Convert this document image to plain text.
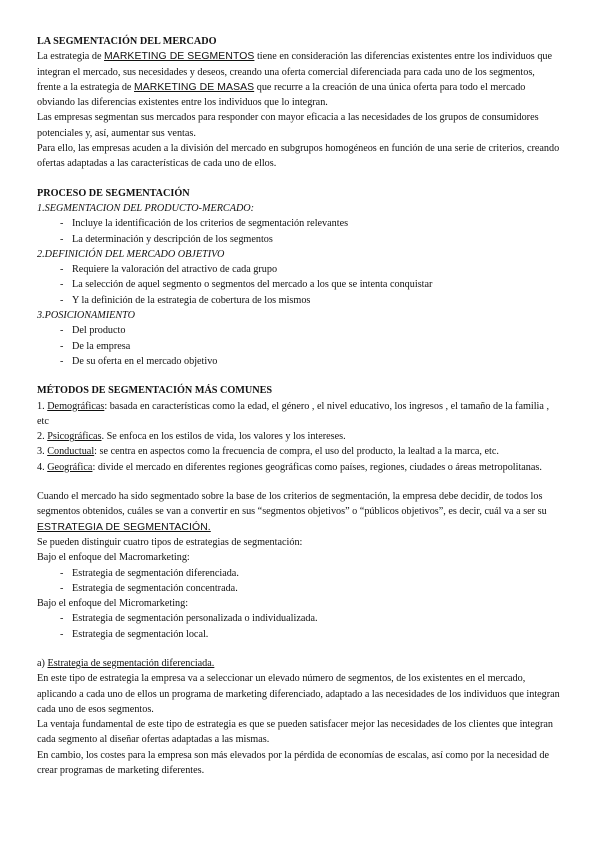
LA SEGMENTACIÓN DEL MERCADO

La estrategia de MARKETING DE SEGMENTOS tiene en consideración las diferencias existentes entre los individuos que integran el mercado, sus necesidades y deseos, creando una oferta comercial diferenciada para cada uno de los segmentos, frente a la estrategia de MARKETING DE MASAS que recurre a la creación de una única oferta para todo el mercado obviando las diferencias existentes entre los individuos que lo integran.

Las empresas segmentan sus mercados para responder con mayor eficacia a las necesidades de los grupos de consumidores potenciales y, así, aumentar sus ventas.

Para ello, las empresas acuden a la división del mercado en subgrupos homogéneos en función de una serie de criterios, creando ofertas adaptadas a las características de cada uno de ellos.

PROCESO DE SEGMENTACIÓN

1.SEGMENTACION DEL PRODUCTO-MERCADO:

- Incluye la identificación de los criterios de segmentación relevantes
- La determinación y descripción de los segmentos

2.DEFINICIÓN DEL MERCADO OBJETIVO

- Requiere la valoración del atractivo de cada grupo
- La selección de aquel segmento o segmentos del mercado a los que se intenta conquistar
- Y la definición de la estrategia de cobertura de los mismos

3.POSICIONAMIENTO

- Del producto
- De la empresa
- De su oferta en el mercado objetivo

MÉTODOS DE SEGMENTACIÓN MÁS COMUNES

1. Demográficas: basada en características como la edad, el género , el nivel educativo, los ingresos , el tamaño de la familia , etc

2. Psicográficas. Se enfoca en los estilos de vida, los valores y los intereses.

3. Conductual: se centra en aspectos como la frecuencia de compra, el uso del producto, la lealtad a la marca, etc.

4. Geográfica: divide el mercado en diferentes regiones geográficas como países, regiones, ciudades o áreas metropolitanas.

Cuando el mercado ha sido segmentado sobre la base de los criterios de segmentación, la empresa debe decidir, de todos los segmentos obtenidos, cuáles se van a convertir en sus “segmentos objetivos” o “públicos objetivos”, es decir, cuál va a ser su ESTRATEGIA DE SEGMENTACIÓN.

Se pueden distinguir cuatro tipos de estrategias de segmentación:

Bajo el enfoque del Macromarketing:

- Estrategia de segmentación diferenciada.
- Estrategia de segmentación concentrada.

Bajo el enfoque del Micromarketing:

- Estrategia de segmentación personalizada o individualizada.
- Estrategia de segmentación local.

a) Estrategia de segmentación diferenciada.

En este tipo de estrategia la empresa va a seleccionar un elevado número de segmentos, de los existentes en el mercado, aplicando a cada uno de ellos un programa de marketing diferenciado, adaptado a las necesidades de los individuos que integran cada uno de esos segmentos.

La ventaja fundamental de este tipo de estrategia es que se pueden satisfacer mejor las necesidades de los clientes que integran cada segmento al diseñar ofertas adaptadas a las mismas.

En cambio, los costes para la empresa son más elevados por la pérdida de economías de escalas, así como por la necesidad de crear programas de marketing diferentes.
